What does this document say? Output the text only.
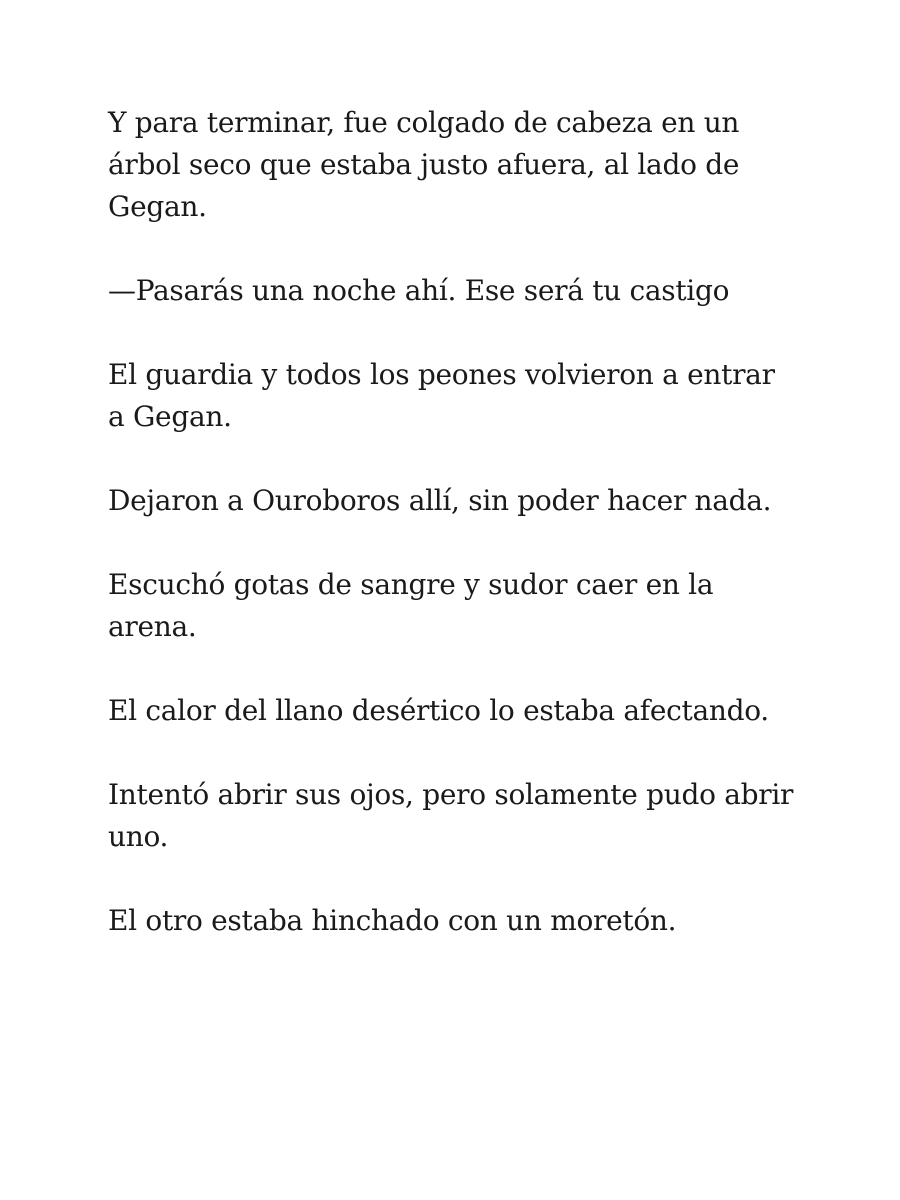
Y para terminar, fue colgado de cabeza en un árbol seco que estaba justo afuera, al lado de Gegan.

—Pasarás una noche ahí. Ese será tu castigo

El guardia y todos los peones volvieron a entrar a Gegan.

Dejaron a Ouroboros allí, sin poder hacer nada.

Escuchó gotas de sangre y sudor caer en la arena.

El calor del llano desértico lo estaba afectando.

Intentó abrir sus ojos, pero solamente pudo abrir uno.

El otro estaba hinchado con un moretón.
